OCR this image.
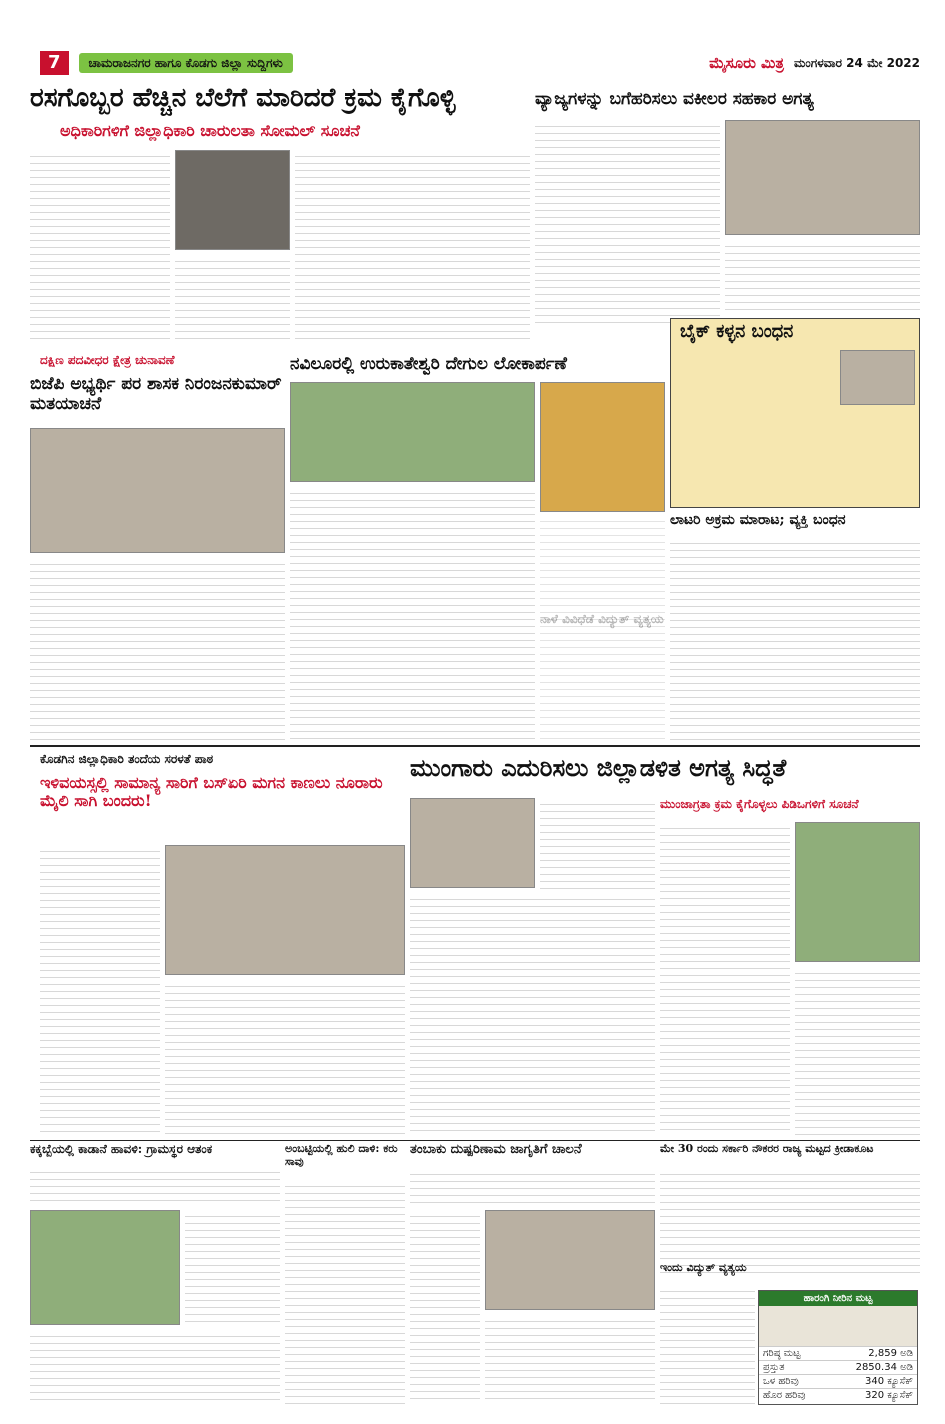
7	ಚಾಮರಾಜನಗರ ಹಾಗೂ ಕೊಡಗು ಜಿಲ್ಲಾ ಸುದ್ದಿಗಳು	ಮೈಸೂರು ಮಿತ್ರ ಮಂಗಳವಾರ 24 ಮೇ 2022
ರಸಗೊಬ್ಬರ ಹೆಚ್ಚಿನ ಬೆಲೆಗೆ ಮಾರಿದರೆ ಕ್ರಮ ಕೈಗೊಳ್ಳಿ
ಅಧಿಕಾರಿಗಳಿಗೆ ಜಿಲ್ಲಾಧಿಕಾರಿ ಚಾರುಲತಾ ಸೋಮಲ್ ಸೂಚನೆ
ವ್ಯಾಜ್ಯಗಳನ್ನು ಬಗೆಹರಿಸಲು ವಕೀಲರ ಸಹಕಾರ ಅಗತ್ಯ
ಬೈಕ್ ಕಳ್ಳನ ಬಂಧನ
ದಕ್ಷಿಣ ಪದವೀಧರ ಕ್ಷೇತ್ರ ಚುನಾವಣೆ
ಬಿಜೆಪಿ ಅಭ್ಯರ್ಥಿ ಪರ ಶಾಸಕ ನಿರಂಜನಕುಮಾರ್ ಮತಯಾಚನೆ
ನವಿಲೂರಲ್ಲಿ ಉರುಕಾತೇಶ್ವರಿ ದೇಗುಲ ಲೋಕಾರ್ಪಣೆ
ಲಾಟರಿ ಅಕ್ರಮ ಮಾರಾಟ; ವ್ಯಕ್ತಿ ಬಂಧನ
ಕೊಡಗಿನ ಜಿಲ್ಲಾಧಿಕಾರಿ ತಂದೆಯ ಸರಳತೆ ಪಾಠ
ಇಳಿವಯಸ್ಸಲ್ಲಿ ಸಾಮಾನ್ಯ ಸಾರಿಗೆ ಬಸ್‌ಏರಿ ಮಗನ ಕಾಣಲು ನೂರಾರು ಮೈಲಿ ಸಾಗಿ ಬಂದರು!
ಮುಂಗಾರು ಎದುರಿಸಲು ಜಿಲ್ಲಾಡಳಿತ ಅಗತ್ಯ ಸಿದ್ಧತೆ
ಮುಂಜಾಗ್ರತಾ ಕ್ರಮ ಕೈಗೊಳ್ಳಲು ಪಿಡಿಒಗಳಿಗೆ ಸೂಚನೆ
ಕಕ್ಕಬ್ಬೆಯಲ್ಲಿ ಕಾಡಾನೆ ಹಾವಳಿ: ಗ್ರಾಮಸ್ಥರ ಆತಂಕ	ಅಂಬಟ್ಟಿಯಲ್ಲಿ ಹುಲಿ ದಾಳಿ: ಕರು ಸಾವು
ತಂಬಾಕು ದುಷ್ಪರಿಣಾಮ ಜಾಗೃತಿಗೆ ಚಾಲನೆ	ಮೇ 30 ರಂದು ಸರ್ಕಾರಿ ನೌಕರರ ರಾಜ್ಯ ಮಟ್ಟದ ಕ್ರೀಡಾಕೂಟ
ಇಂದು ವಿದ್ಯುತ್ ವ್ಯತ್ಯಯ
ಹಾರಂಗಿ ನೀರಿನ ಮಟ್ಟ
ಗರಿಷ್ಠ ಮಟ್ಟ	2,859 ಅಡಿ
ಪ್ರಸ್ತುತ	2850.34 ಅಡಿ
ಒಳ ಹರಿವು	340 ಕ್ಯೂಸೆಕ್
ಹೊರ ಹರಿವು	320 ಕ್ಯೂಸೆಕ್
